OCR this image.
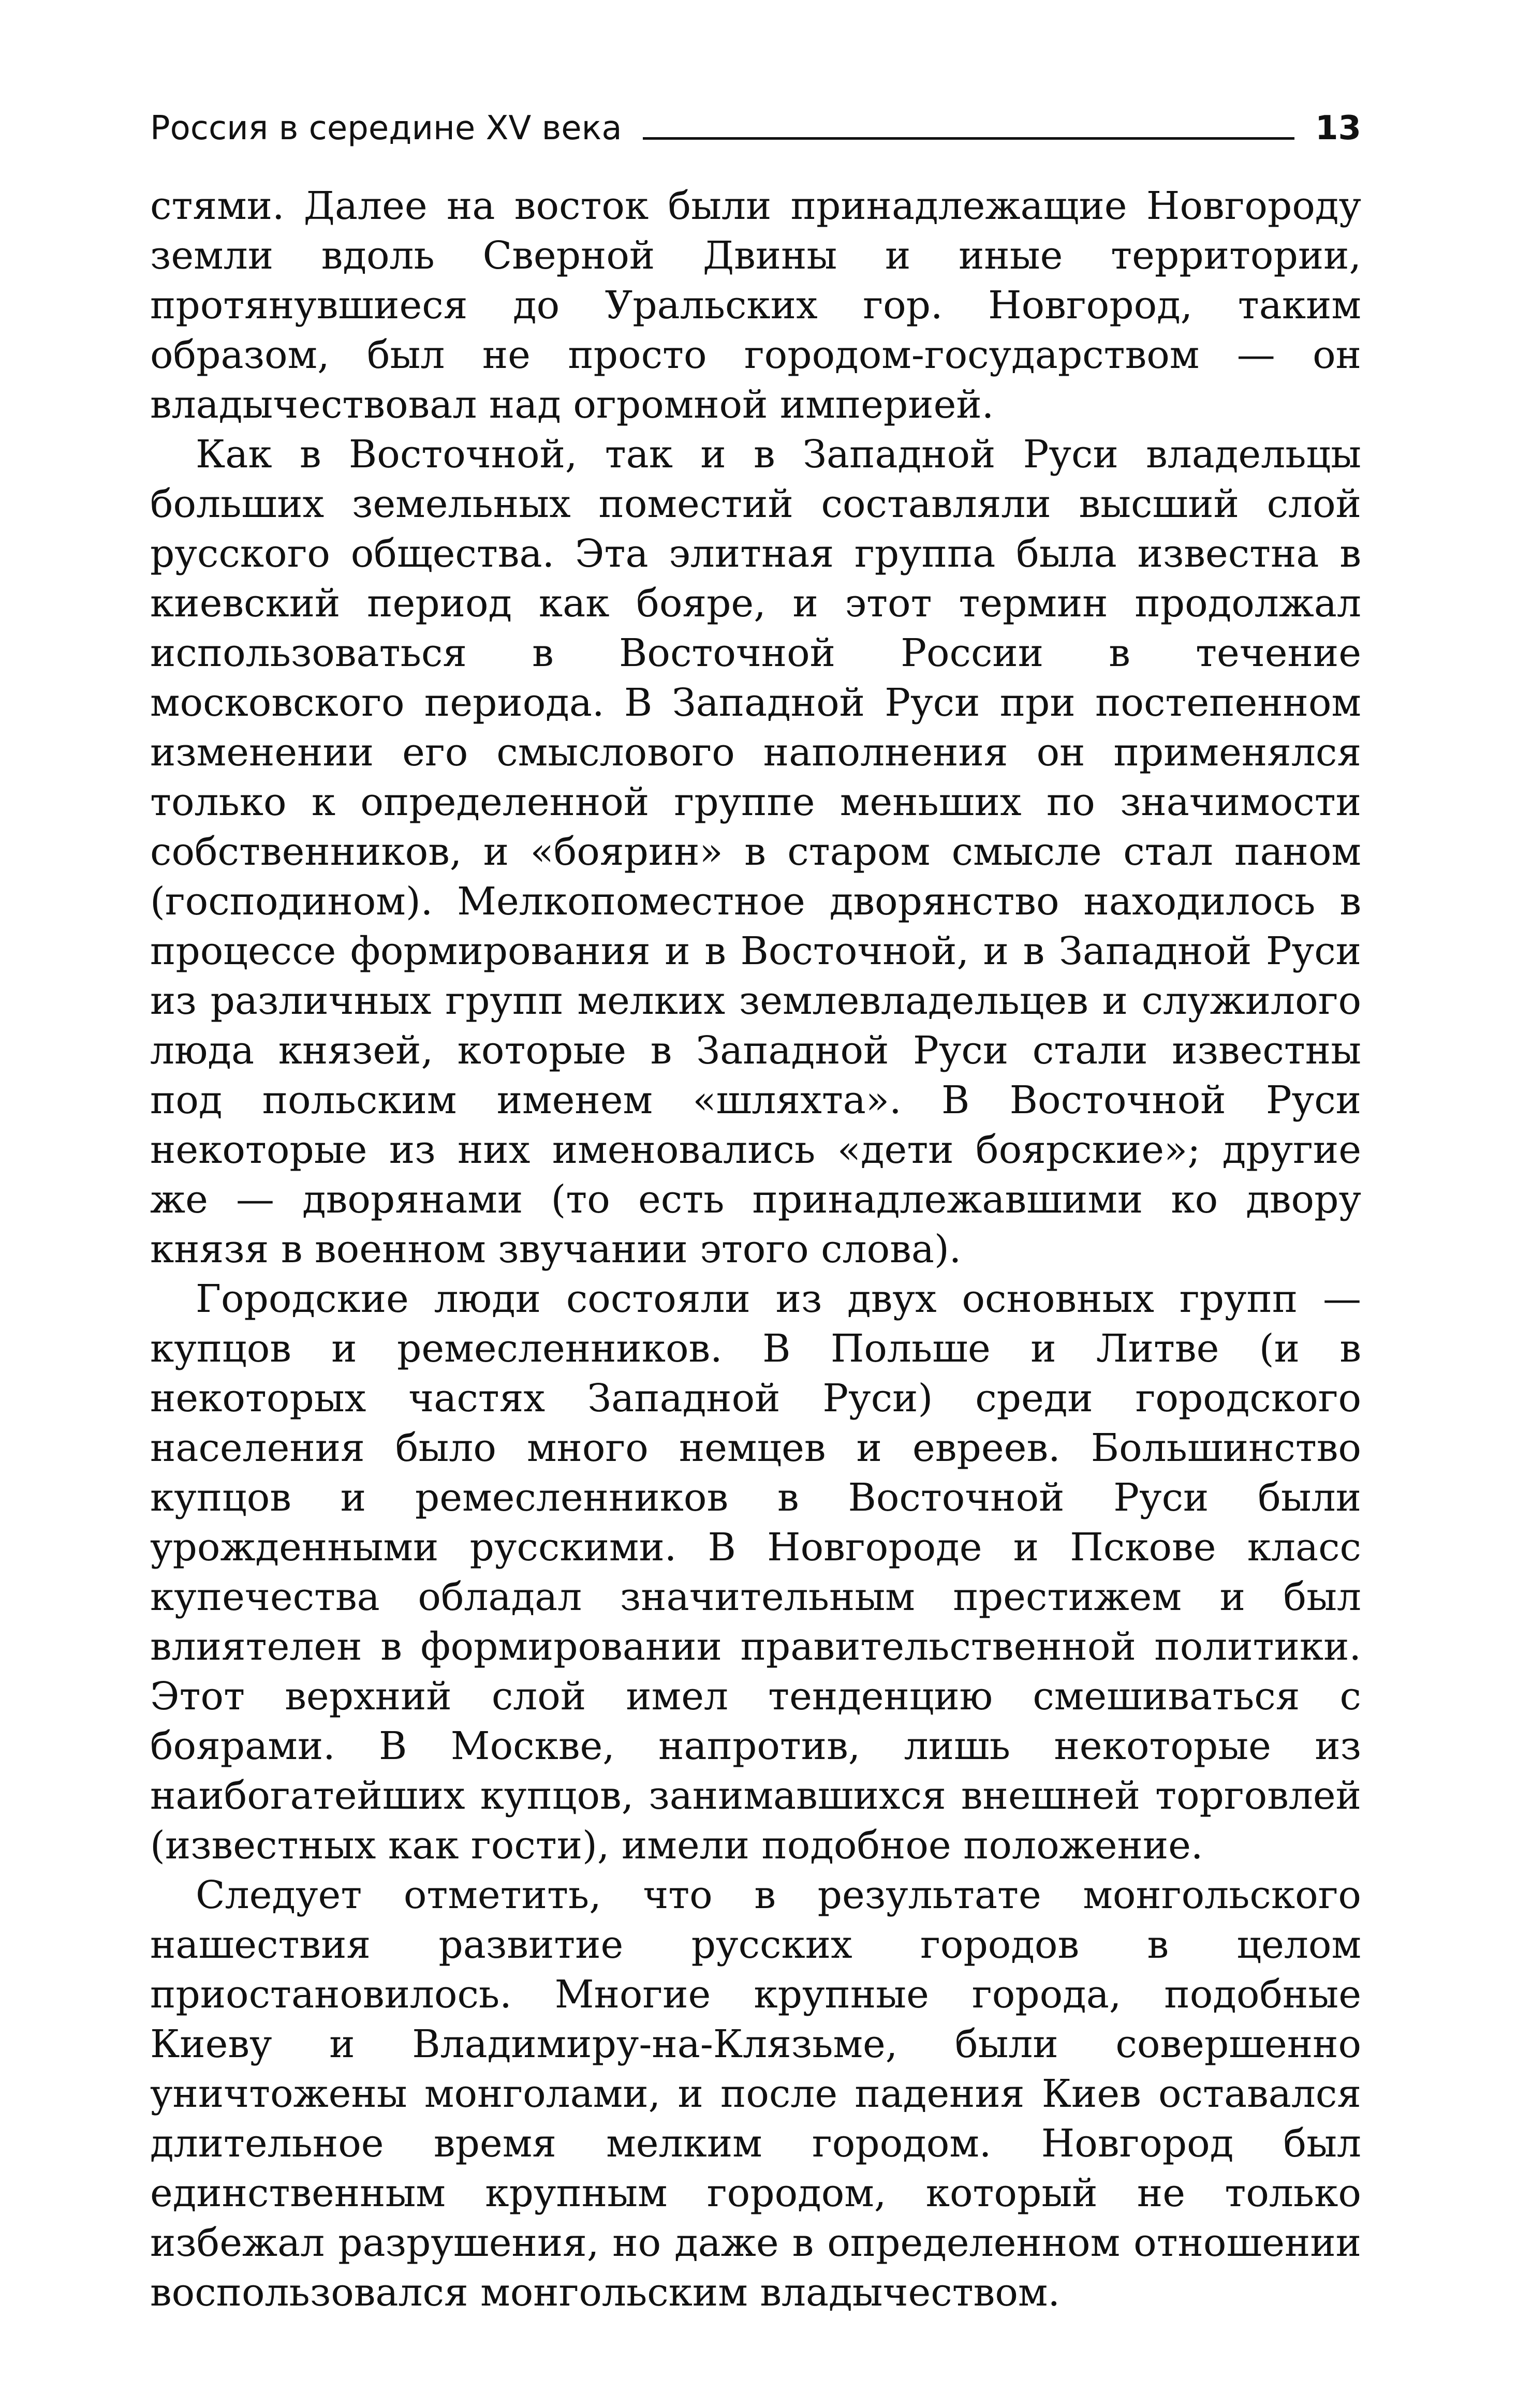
Россия в середине XV века	13

стями. Далее на восток были принадлежащие Новгороду земли вдоль Сверной Двины и иные территории, протянувшиеся до Уральских гор. Новгород, таким образом, был не просто городом-государством — он владычествовал над огромной империей.

Как в Восточной, так и в Западной Руси владельцы больших земельных поместий составляли высший слой русского общества. Эта элитная группа была известна в киевский период как бояре, и этот термин продолжал использоваться в Восточной России в течение московского периода. В Западной Руси при постепенном изменении его смыслового наполнения он применялся только к определенной группе меньших по значимости собственников, и «боярин» в старом смысле стал паном (господином). Мелкопоместное дворянство находилось в процессе формирования и в Восточной, и в Западной Руси из различных групп мелких землевладельцев и служилого люда князей, которые в Западной Руси стали известны под польским именем «шляхта». В Восточной Руси некоторые из них именовались «дети боярские»; другие же — дворянами (то есть принадлежавшими ко двору князя в военном звучании этого слова).

Городские люди состояли из двух основных групп — купцов и ремесленников. В Польше и Литве (и в некоторых частях Западной Руси) среди городского населения было много немцев и евреев. Большинство купцов и ремесленников в Восточной Руси были урожденными русскими. В Новгороде и Пскове класс купечества обладал значительным престижем и был влиятелен в формировании правительственной политики. Этот верхний слой имел тенденцию смешиваться с боярами. В Москве, напротив, лишь некоторые из наибогатейших купцов, занимавшихся внешней торговлей (известных как гости), имели подобное положение.

Следует отметить, что в результате монгольского нашествия развитие русских городов в целом приостановилось. Многие крупные города, подобные Киеву и Владимиру-на-Клязьме, были совершенно уничтожены монголами, и после падения Киев оставался длительное время мелким городом. Новгород был единственным крупным городом, который не только избежал разрушения, но даже в определенном отношении воспользовался монгольским владычеством.
